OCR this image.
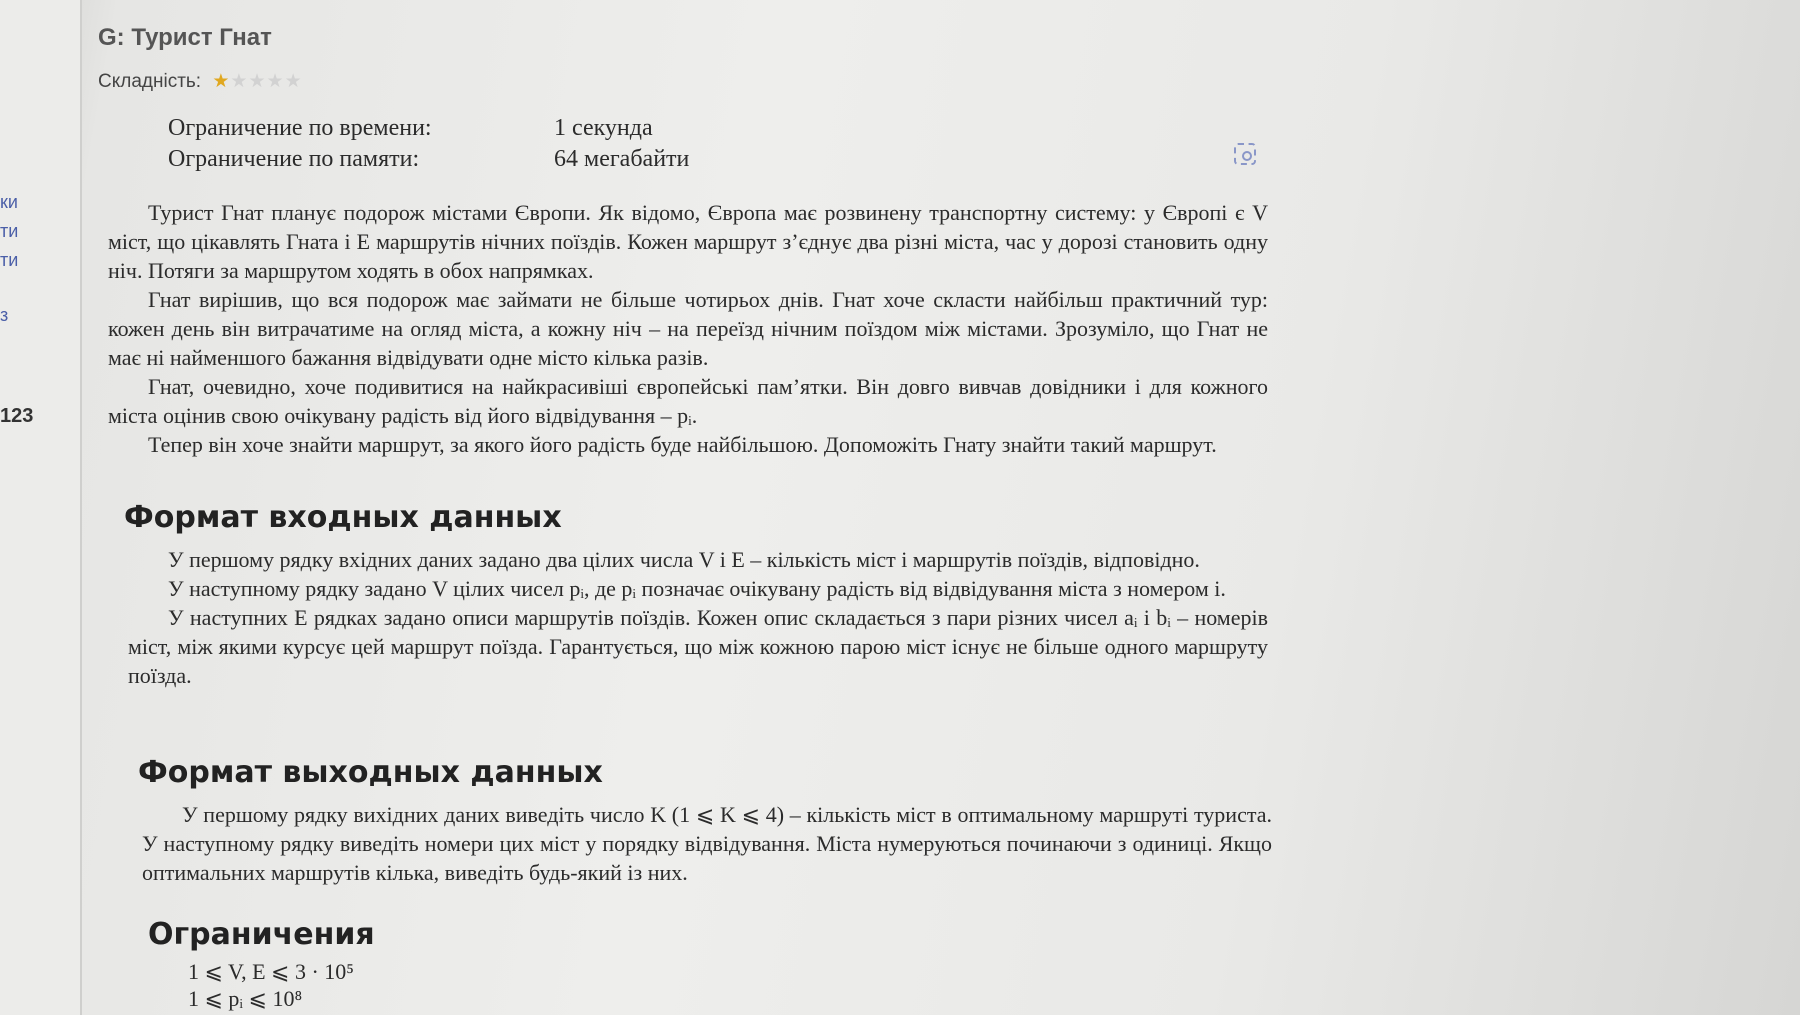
ки
ти
ти
з
123
G: Турист Гнат
Складність: ★★★★★
Ограничение по времени:	1 секунда
Ограничение по памяти:	64 мегабайти

Турист Гнат планує подорож містами Європи. Як відомо, Європа має розвинену транспортну систему: у Європі є V міст, що цікавлять Гната і E маршрутів нічних поїздів. Кожен маршрут з’єднує два різні міста, час у дорозі становить одну ніч. Потяги за маршрутом ходять в обох напрямках.

Гнат вирішив, що вся подорож має займати не більше чотирьох днів. Гнат хоче скласти найбільш практичний тур: кожен день він витрачатиме на огляд міста, а кожну ніч – на переїзд нічним поїздом між містами. Зрозуміло, що Гнат не має ні найменшого бажання відвідувати одне місто кілька разів.

Гнат, очевидно, хоче подивитися на найкрасивіші європейські пам’ятки. Він довго вивчав довідники і для кожного міста оцінив свою очікувану радість від його відвідування – pᵢ.

Тепер він хоче знайти маршрут, за якого його радість буде найбільшою. Допоможіть Гнату знайти такий маршрут.

Формат входных данных

У першому рядку вхідних даних задано два цілих числа V і E – кількість міст і маршрутів поїздів, відповідно.

У наступному рядку задано V цілих чисел pᵢ, де pᵢ позначає очікувану радість від відвідування міста з номером i.

У наступних E рядках задано описи маршрутів поїздів. Кожен опис складається з пари різних чисел aᵢ і bᵢ – номерів міст, між якими курсує цей маршрут поїзда. Гарантується, що між кожною парою міст існує не більше одного маршруту поїзда.

Формат выходных данных

У першому рядку вихідних даних виведіть число K (1 ⩽ K ⩽ 4) – кількість міст в оптимальному маршруті туриста. У наступному рядку виведіть номери цих міст у порядку відвідування. Міста нумеруються починаючи з одиниці. Якщо оптимальних маршрутів кілька, виведіть будь-який із них.

Ограничения
1 ⩽ V, E ⩽ 3 · 10⁵
1 ⩽ pᵢ ⩽ 10⁸
